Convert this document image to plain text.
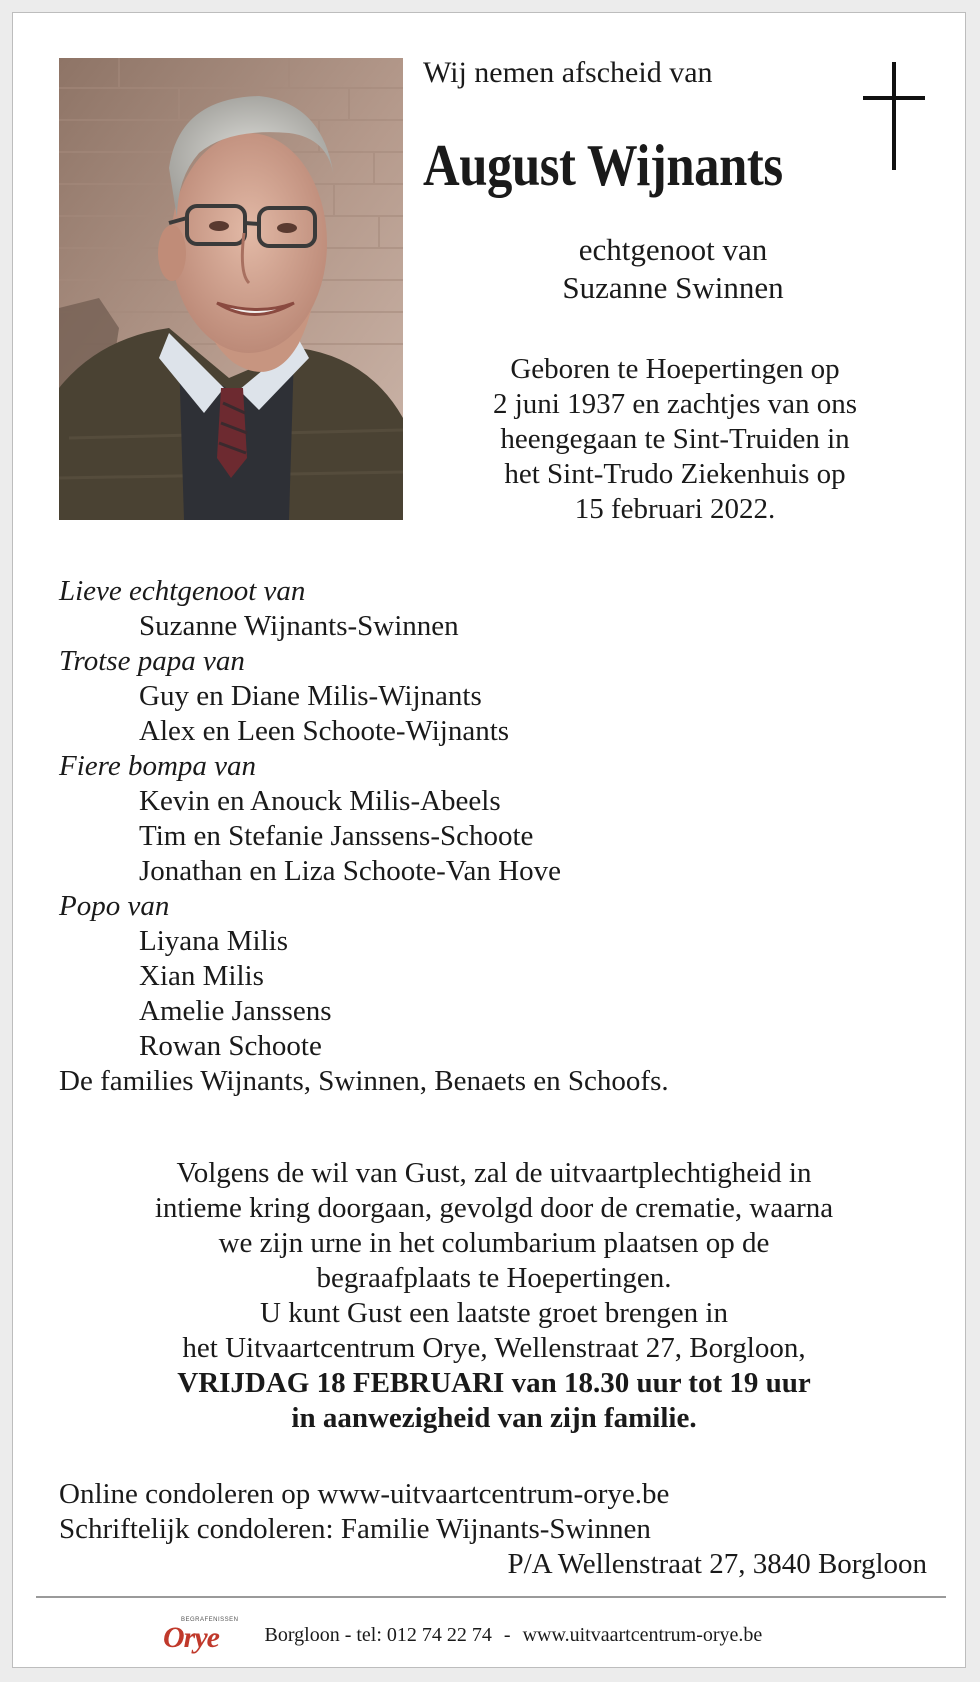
Wij nemen afscheid van
August Wijnants
echtgenoot van
Suzanne Swinnen
Geboren te Hoepertingen op
2 juni 1937 en zachtjes van ons
heengegaan te Sint-Truiden in
het Sint-Trudo Ziekenhuis op
15 februari 2022.
Lieve echtgenoot van
Suzanne Wijnants-Swinnen
Trotse papa van
Guy en Diane Milis-Wijnants
Alex en Leen Schoote-Wijnants
Fiere bompa van
Kevin en Anouck Milis-Abeels
Tim en Stefanie Janssens-Schoote
Jonathan en Liza Schoote-Van Hove
Popo van
Liyana Milis
Xian Milis
Amelie Janssens
Rowan Schoote
De families Wijnants, Swinnen, Benaets en Schoofs.
Volgens de wil van Gust, zal de uitvaartplechtigheid in
intieme kring doorgaan, gevolgd door de crematie, waarna
we zijn urne in het columbarium plaatsen op de
begraafplaats te Hoepertingen.
U kunt Gust een laatste groet brengen in
het Uitvaartcentrum Orye, Wellenstraat 27, Borgloon,
VRIJDAG 18 FEBRUARI van 18.30 uur tot 19 uur
in aanwezigheid van zijn familie.
Online condoleren op www-uitvaartcentrum-orye.be
Schriftelijk condoleren: Familie Wijnants-Swinnen
P/A Wellenstraat 27, 3840 Borgloon
BEGRAFENISSEN
Orye Borgloon - tel: 012 74 22 74 - www.uitvaartcentrum-orye.be
